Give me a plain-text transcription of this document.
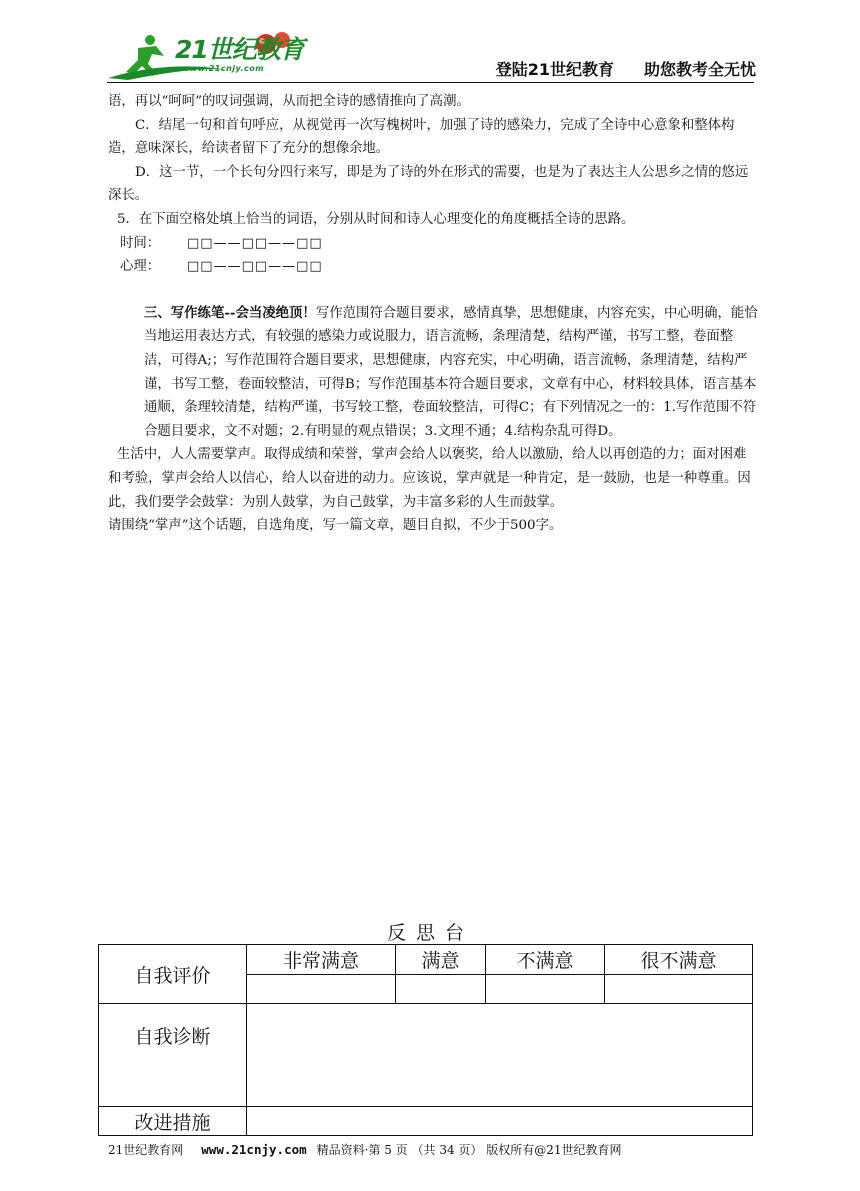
21世纪教育
www.21cnjy.com	登陆21世纪教育 助您教考全无忧

语，再以“呵呵”的叹词强调，从而把全诗的感情推向了高潮。

C．结尾一句和首句呼应，从视觉再一次写槐树叶，加强了诗的感染力，完成了全诗中心意象和整体构造，意味深长，给读者留下了充分的想像余地。

D．这一节，一个长句分四行来写，即是为了诗的外在形式的需要，也是为了表达主人公思乡之情的悠远深长。

5．在下面空格处填上恰当的词语，分别从时间和诗人心理变化的角度概括全诗的思路。

时间： □□——□□——□□

心理： □□——□□——□□

三、写作练笔--会当凌绝顶！写作范围符合题目要求，感情真挚，思想健康，内容充实，中心明确，能恰当地运用表达方式，有较强的感染力或说服力，语言流畅，条理清楚，结构严谨，书写工整，卷面整洁，可得A;；写作范围符合题目要求，思想健康，内容充实，中心明确，语言流畅，条理清楚，结构严谨，书写工整，卷面较整洁，可得B；写作范围基本符合题目要求，文章有中心，材料较具体，语言基本通顺，条理较清楚，结构严谨，书写较工整，卷面较整洁，可得C；有下列情况之一的：1.写作范围不符合题目要求，文不对题；2.有明显的观点错误；3.文理不通；4.结构杂乱可得D。

生活中，人人需要掌声。取得成绩和荣誉，掌声会给人以褒奖，给人以激励，给人以再创造的力；面对困难和考验，掌声会给人以信心，给人以奋进的动力。应该说，掌声就是一种肯定，是一鼓励，也是一种尊重。因此，我们要学会鼓掌：为别人鼓掌，为自己鼓掌，为丰富多彩的人生而鼓掌。

请围绕“掌声”这个话题，自选角度，写一篇文章，题目自拟，不少于500字。

反思台
自我评价	非常满意	满意	不满意	很不满意

自我诊断				
改进措施				
21世纪教育网 www.21cnjy.com 精品资料·第 5 页 （共 34 页） 版权所有@21世纪教育网
